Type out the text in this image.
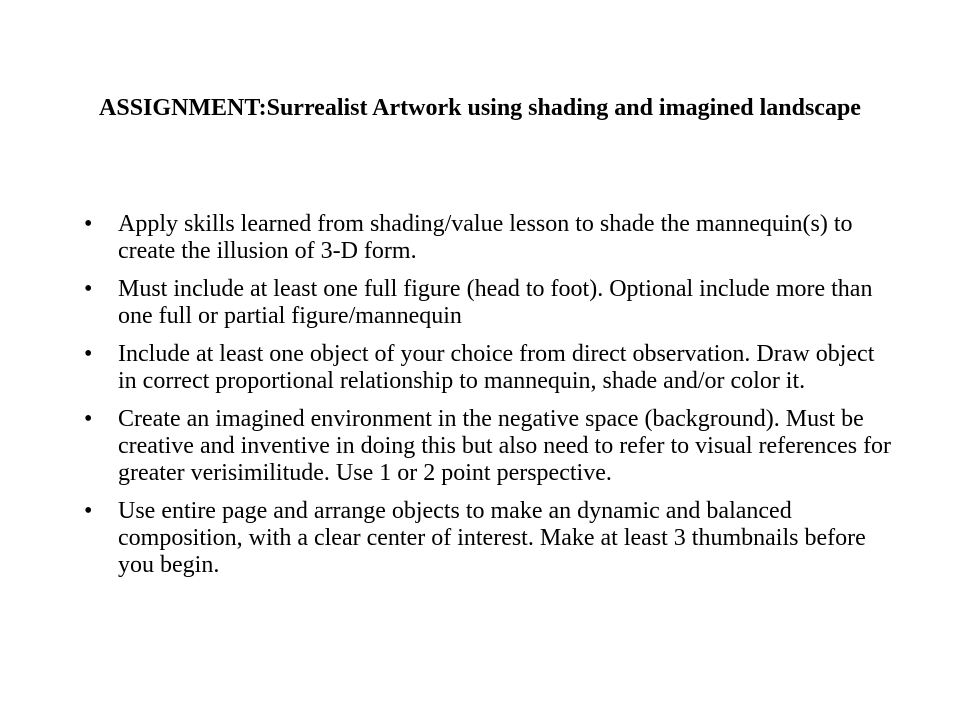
ASSIGNMENT:Surrealist Artwork using shading and imagined landscape
• Apply skills learned from shading/value lesson to shade the mannequin(s) to create the illusion of 3-D form.
• Must include at least one full figure (head to foot). Optional include more than one full or partial figure/mannequin
• Include at least one object of your choice from direct observation. Draw object in correct proportional relationship to mannequin, shade and/or color it.
• Create an imagined environment in the negative space (background). Must be creative and inventive in doing this but also need to refer to visual references for greater verisimilitude. Use 1 or 2 point perspective.
• Use entire page and arrange objects to make an dynamic and balanced composition, with a clear center of interest. Make at least 3 thumbnails before you begin.
